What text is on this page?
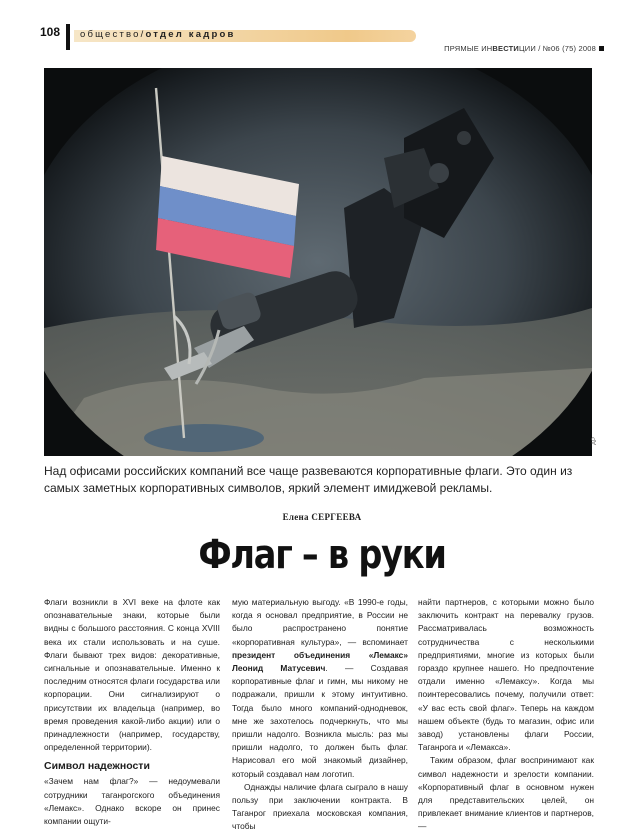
108 общество/отдел кадров
ПРЯМЫЕ ИНВЕСТИЦИИ / №06 (75) 2008
AP
Над офисами российских компаний все чаще развеваются корпоративные флаги. Это один из самых заметных корпоративных символов, яркий элемент имиджевой рекламы.
Елена СЕРГЕЕВА
Флаг – в руки

Флаги возникли в XVI веке на флоте как опознавательные знаки, которые были видны с большого расстояния. С конца XVIII века их стали использовать и на суше. Флаги бывают трех видов: декоративные, сигнальные и опознавательные. Именно к последним относятся флаги государства или корпорации. Они сигнализируют о присутствии их владельца (например, во время проведения какой-либо акции) или о принадлежности (например, государству, определенной территории).

Символ надежности

«Зачем нам флаг?» — недоумевали сотрудники таганрогского объединения «Лемакс». Однако вскоре он принес компании ощути-

мую материальную выгоду. «В 1990-е годы, когда я основал предприятие, в России не было распространено понятие «корпоративная культура», — вспоминает президент объединения «Лемакс» Леонид Матусевич. — Создавая корпоративные флаг и гимн, мы никому не подражали, пришли к этому интуитивно. Тогда было много компаний-однодневок, мне же захотелось подчеркнуть, что мы пришли надолго. Возникла мысль: раз мы пришли надолго, то должен быть флаг. Нарисовал его мой знакомый дизайнер, который создавал нам логотип.

Однажды наличие флага сыграло в нашу пользу при заключении контракта. В Таганрог приехала московская компания, чтобы

найти партнеров, с которыми можно было заключить контракт на перевалку грузов. Рассматривалась возможность сотрудничества с несколькими предприятиями, многие из которых были гораздо крупнее нашего. Но предпочтение отдали именно «Лемаксу». Когда мы поинтересовались почему, получили ответ: «У вас есть свой флаг». Теперь на каждом нашем объекте (будь то магазин, офис или завод) установлены флаги России, Таганрога и «Лемакса».

Таким образом, флаг воспринимают как символ надежности и зрелости компании. «Корпоративный флаг в основном нужен для представительских целей, он привлекает внимание клиентов и партнеров, —
